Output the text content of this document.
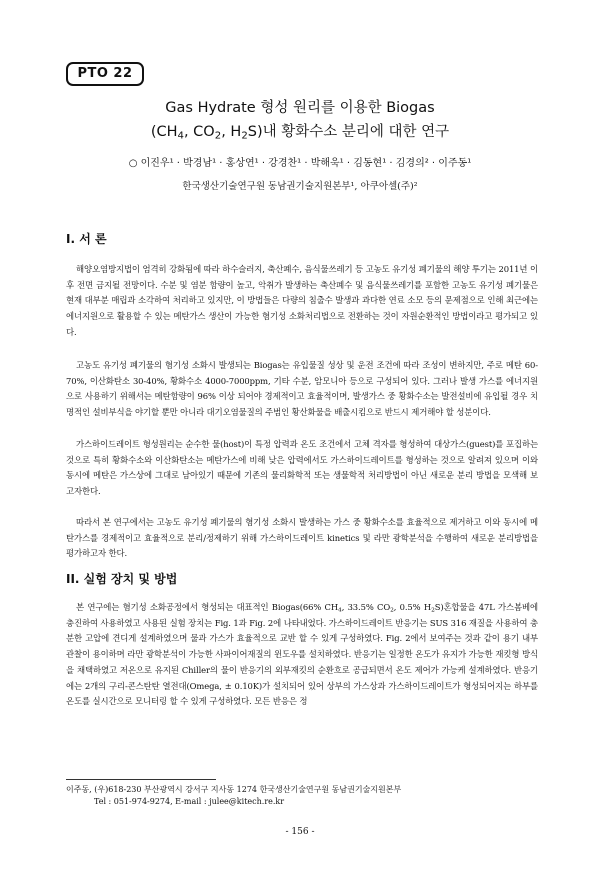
PTO 22
Gas Hydrate 형성 원리를 이용한 Biogas
($CH_4$, $CO_2$, $H_2S$)내 황화수소 분리에 대한 연구
○ 이진우¹ · 박경남¹ · 홍상연¹ · 강경찬¹ · 박해욱¹ · 김동현¹ · 김경의² · 이주동¹
한국생산기술연구원 동남권기술지원본부¹, 아쿠아셀(주)²
I. 서 론

해양오염방지법이 엄격히 강화됨에 따라 하수슬러지, 축산폐수, 음식물쓰레기 등 고농도 유기성 폐기물의 해양 투기는 2011년 이후 전면 금지될 전망이다. 수분 및 염분 함량이 높고, 악취가 발생하는 축산폐수 및 음식물쓰레기를 포함한 고농도 유기성 폐기물은 현재 대부분 매립과 소각하여 처리하고 있지만, 이 방법들은 다량의 침출수 발생과 과다한 연료 소모 등의 문제점으로 인해 최근에는 에너지원으로 활용할 수 있는 메탄가스 생산이 가능한 혐기성 소화처리법으로 전환하는 것이 자원순환적인 방법이라고 평가되고 있다.

고농도 유기성 폐기물의 혐기성 소화시 발생되는 Biogas는 유입물질 성상 및 운전 조건에 따라 조성이 변하지만, 주로 메탄 60-70%, 이산화탄소 30-40%, 황화수소 4000-7000ppm, 기타 수분, 암모니아 등으로 구성되어 있다. 그러나 발생 가스를 에너지원으로 사용하기 위해서는 메탄함량이 96% 이상 되어야 경제적이고 효율적이며, 발생가스 중 황화수소는 발전설비에 유입될 경우 치명적인 설비부식을 야기할 뿐만 아니라 대기오염물질의 주범인 황산화물을 배출시킴으로 반드시 제거해야 할 성분이다.

가스하이드레이트 형성원리는 순수한 물(host)이 특정 압력과 온도 조건에서 고체 격자를 형성하여 대상가스(guest)를 포집하는 것으로 특히 황화수소와 이산화탄소는 메탄가스에 비해 낮은 압력에서도 가스하이드레이트를 형성하는 것으로 알려져 있으며 이와 동시에 메탄은 가스상에 그대로 남아있기 때문에 기존의 물리화학적 또는 생물학적 처리방법이 아닌 새로운 분리 방법을 모색해 보고자한다.

따라서 본 연구에서는 고농도 유기성 폐기물의 혐기성 소화시 발생하는 가스 중 황화수소를 효율적으로 제거하고 이와 동시에 메탄가스를 경제적이고 효율적으로 분리/정제하기 위해 가스하이드레이트 kinetics 및 라만 광학분석을 수행하여 새로운 분리방법을 평가하고자 한다.

II. 실험 장치 및 방법

본 연구에는 혐기성 소화공정에서 형성되는 대표적인 Biogas(66% $CH_4$, 33.5% $CO_2$, 0.5% $H_2S$)혼합물을 47L 가스봄베에 충진하여 사용하였고 사용된 실험 장치는 Fig. 1과 Fig. 2에 나타내었다. 가스하이드레이트 반응기는 SUS 316 재질을 사용하여 충분한 고압에 견디게 설계하였으며 물과 가스가 효율적으로 교반 할 수 있게 구성하였다. Fig. 2에서 보여주는 것과 같이 용기 내부 관찰이 용이하며 라만 광학분석이 가능한 사파이어재질의 윈도우를 설치하였다. 반응기는 일정한 온도가 유지가 가능한 재킷형 방식을 채택하였고 저온으로 유지된 Chiller의 물이 반응기의 외부재킷의 순환흐로 공급되면서 온도 제어가 가능케 설계하였다. 반응기에는 2개의 구리-콘스탄탄 열전대(Omega, ± 0.10K)가 설치되어 있어 상부의 가스상과 가스하이드레이트가 형성되어지는 하부를 온도를 실시간으로 모니터링 할 수 있게 구성하였다. 모든 반응은 정

이주동, (우)618-230 부산광역시 강서구 지사동 1274 한국생산기술연구원 동남권기술지원본부
Tel : 051-974-9274, E-mail : julee@kitech.re.kr
- 156 -
